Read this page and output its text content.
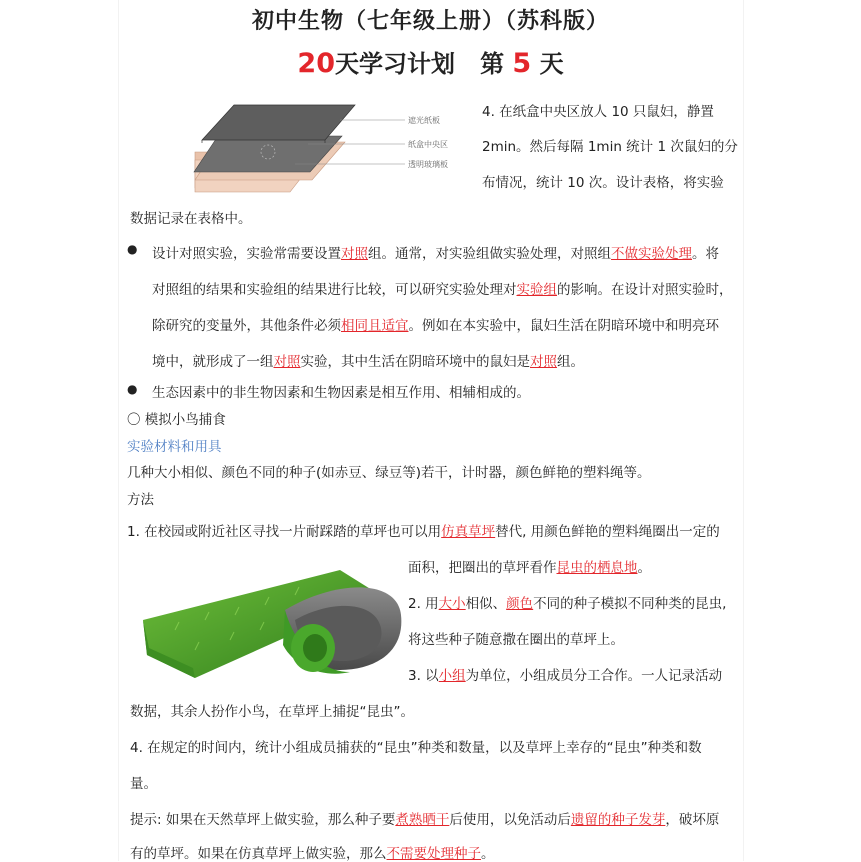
初中生物（七年级上册）（苏科版）
20天学习计划 第 5 天
遮光纸板
纸盒中央区
透明玻璃板
4. 在纸盒中央区放人 10 只鼠妇，静置
2min。然后每隔 1min 统计 1 次鼠妇的分
布情况，统计 10 次。设计表格，将实验
数据记录在表格中。
● 设计对照实验，实验常需要设置对照组。通常，对实验组做实验处理，对照组不做实验处理。将
对照组的结果和实验组的结果进行比较，可以研究实验处理对实验组的影响。在设计对照实验时，
除研究的变量外，其他条件必须相同且适宜。例如在本实验中，鼠妇生活在阴暗环境中和明亮环
境中，就形成了一组对照实验，其中生活在阴暗环境中的鼠妇是对照组。
● 生态因素中的非生物因素和生物因素是相互作用、相辅相成的。
〇 模拟小鸟捕食
实验材料和用具
几种大小相似、颜色不同的种子(如赤豆、绿豆等)若干，计时器，颜色鲜艳的塑料绳等。
方法
1. 在校园或附近社区寻找一片耐踩踏的草坪也可以用仿真草坪替代, 用颜色鲜艳的塑料绳圈出一定的
面积，把圈出的草坪看作昆虫的栖息地。
2. 用大小相似、颜色不同的种子模拟不同种类的昆虫,
将这些种子随意撒在圈出的草坪上。
3. 以小组为单位，小组成员分工合作。一人记录活动
数据，其余人扮作小鸟，在草坪上捕捉“昆虫”。
4. 在规定的时间内，统计小组成员捕获的“昆虫”种类和数量，以及草坪上幸存的“昆虫”种类和数
量。
提示: 如果在天然草坪上做实验，那么种子要煮熟晒干后使用，以免活动后遗留的种子发芽，破坏原
有的草坪。如果在仿真草坪上做实验，那么不需要处理种子。
